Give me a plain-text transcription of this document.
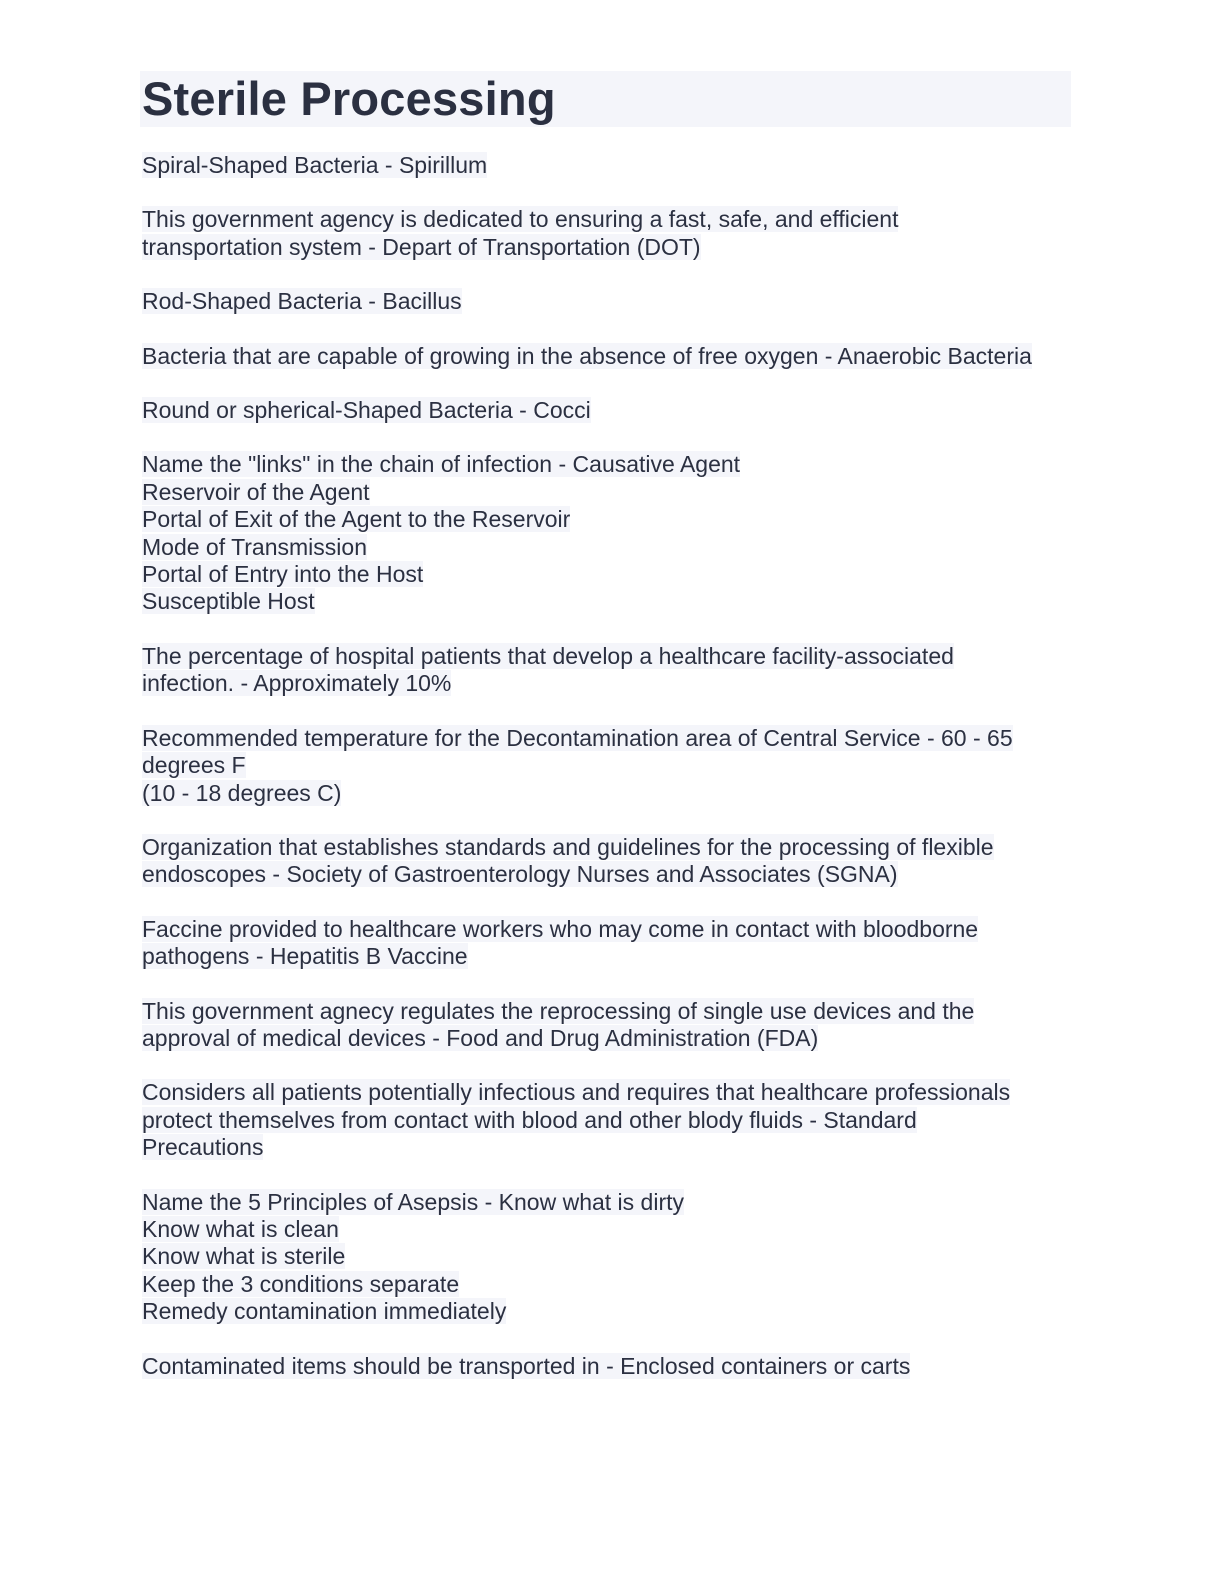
Sterile Processing
Spiral-Shaped Bacteria - Spirillum
This government agency is dedicated to ensuring a fast, safe, and efficient
transportation system - Depart of Transportation (DOT)
Rod-Shaped Bacteria - Bacillus
Bacteria that are capable of growing in the absence of free oxygen - Anaerobic Bacteria
Round or spherical-Shaped Bacteria - Cocci
Name the "links" in the chain of infection - Causative Agent
Reservoir of the Agent
Portal of Exit of the Agent to the Reservoir
Mode of Transmission
Portal of Entry into the Host
Susceptible Host
The percentage of hospital patients that develop a healthcare facility-associated
infection. - Approximately 10%
Recommended temperature for the Decontamination area of Central Service - 60 - 65
degrees F
(10 - 18 degrees C)
Organization that establishes standards and guidelines for the processing of flexible
endoscopes - Society of Gastroenterology Nurses and Associates (SGNA)
Faccine provided to healthcare workers who may come in contact with bloodborne
pathogens - Hepatitis B Vaccine
This government agnecy regulates the reprocessing of single use devices and the
approval of medical devices - Food and Drug Administration (FDA)
Considers all patients potentially infectious and requires that healthcare professionals
protect themselves from contact with blood and other blody fluids - Standard
Precautions
Name the 5 Principles of Asepsis - Know what is dirty
Know what is clean
Know what is sterile
Keep the 3 conditions separate
Remedy contamination immediately
Contaminated items should be transported in - Enclosed containers or carts
